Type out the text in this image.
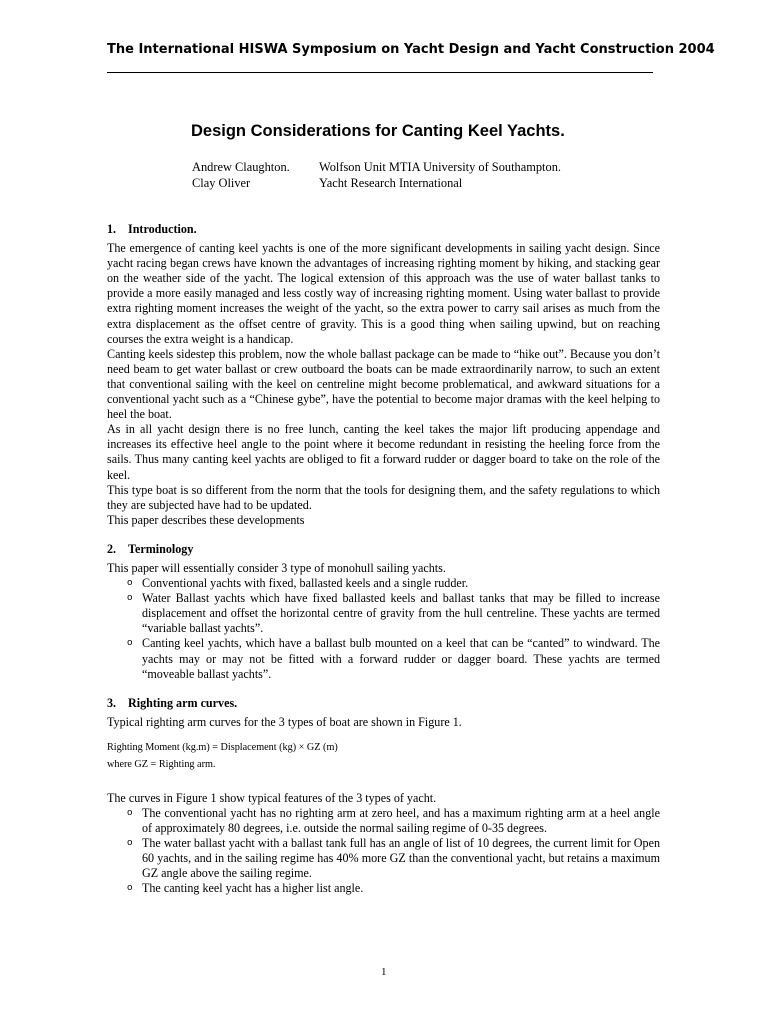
The International HISWA Symposium on Yacht Design and Yacht Construction 2004
Design Considerations for Canting Keel Yachts.
Andrew Claughton.	Wolfson Unit MTIA University of Southampton.
Clay Oliver	Yacht Research International
1. Introduction.

The emergence of canting keel yachts is one of the more significant developments in sailing yacht design. Since yacht racing began crews have known the advantages of increasing righting moment by hiking, and stacking gear on the weather side of the yacht. The logical extension of this approach was the use of water ballast tanks to provide a more easily managed and less costly way of increasing righting moment. Using water ballast to provide extra righting moment increases the weight of the yacht, so the extra power to carry sail arises as much from the extra displacement as the offset centre of gravity. This is a good thing when sailing upwind, but on reaching courses the extra weight is a handicap.

Canting keels sidestep this problem, now the whole ballast package can be made to “hike out”. Because you don’t need beam to get water ballast or crew outboard the boats can be made extraordinarily narrow, to such an extent that conventional sailing with the keel on centreline might become problematical, and awkward situations for a conventional yacht such as a “Chinese gybe”, have the potential to become major dramas with the keel helping to heel the boat.

As in all yacht design there is no free lunch, canting the keel takes the major lift producing appendage and increases its effective heel angle to the point where it become redundant in resisting the heeling force from the sails. Thus many canting keel yachts are obliged to fit a forward rudder or dagger board to take on the role of the keel.

This type boat is so different from the norm that the tools for designing them, and the safety regulations to which they are subjected have had to be updated.

This paper describes these developments

2. Terminology

This paper will essentially consider 3 type of monohull sailing yachts.

o Conventional yachts with fixed, ballasted keels and a single rudder.
o Water Ballast yachts which have fixed ballasted keels and ballast tanks that may be filled to increase displacement and offset the horizontal centre of gravity from the hull centreline. These yachts are termed “variable ballast yachts”.
o Canting keel yachts, which have a ballast bulb mounted on a keel that can be “canted” to windward. The yachts may or may not be fitted with a forward rudder or dagger board. These yachts are termed “moveable ballast yachts”.
3. Righting arm curves.

Typical righting arm curves for the 3 types of boat are shown in Figure 1.

Righting Moment (kg.m) = Displacement (kg) × GZ (m)
where GZ = Righting arm.

The curves in Figure 1 show typical features of the 3 types of yacht.

o The conventional yacht has no righting arm at zero heel, and has a maximum righting arm at a heel angle of approximately 80 degrees, i.e. outside the normal sailing regime of 0-35 degrees.
o The water ballast yacht with a ballast tank full has an angle of list of 10 degrees, the current limit for Open 60 yachts, and in the sailing regime has 40% more GZ than the conventional yacht, but retains a maximum GZ angle above the sailing regime.
o The canting keel yacht has a higher list angle.
1
